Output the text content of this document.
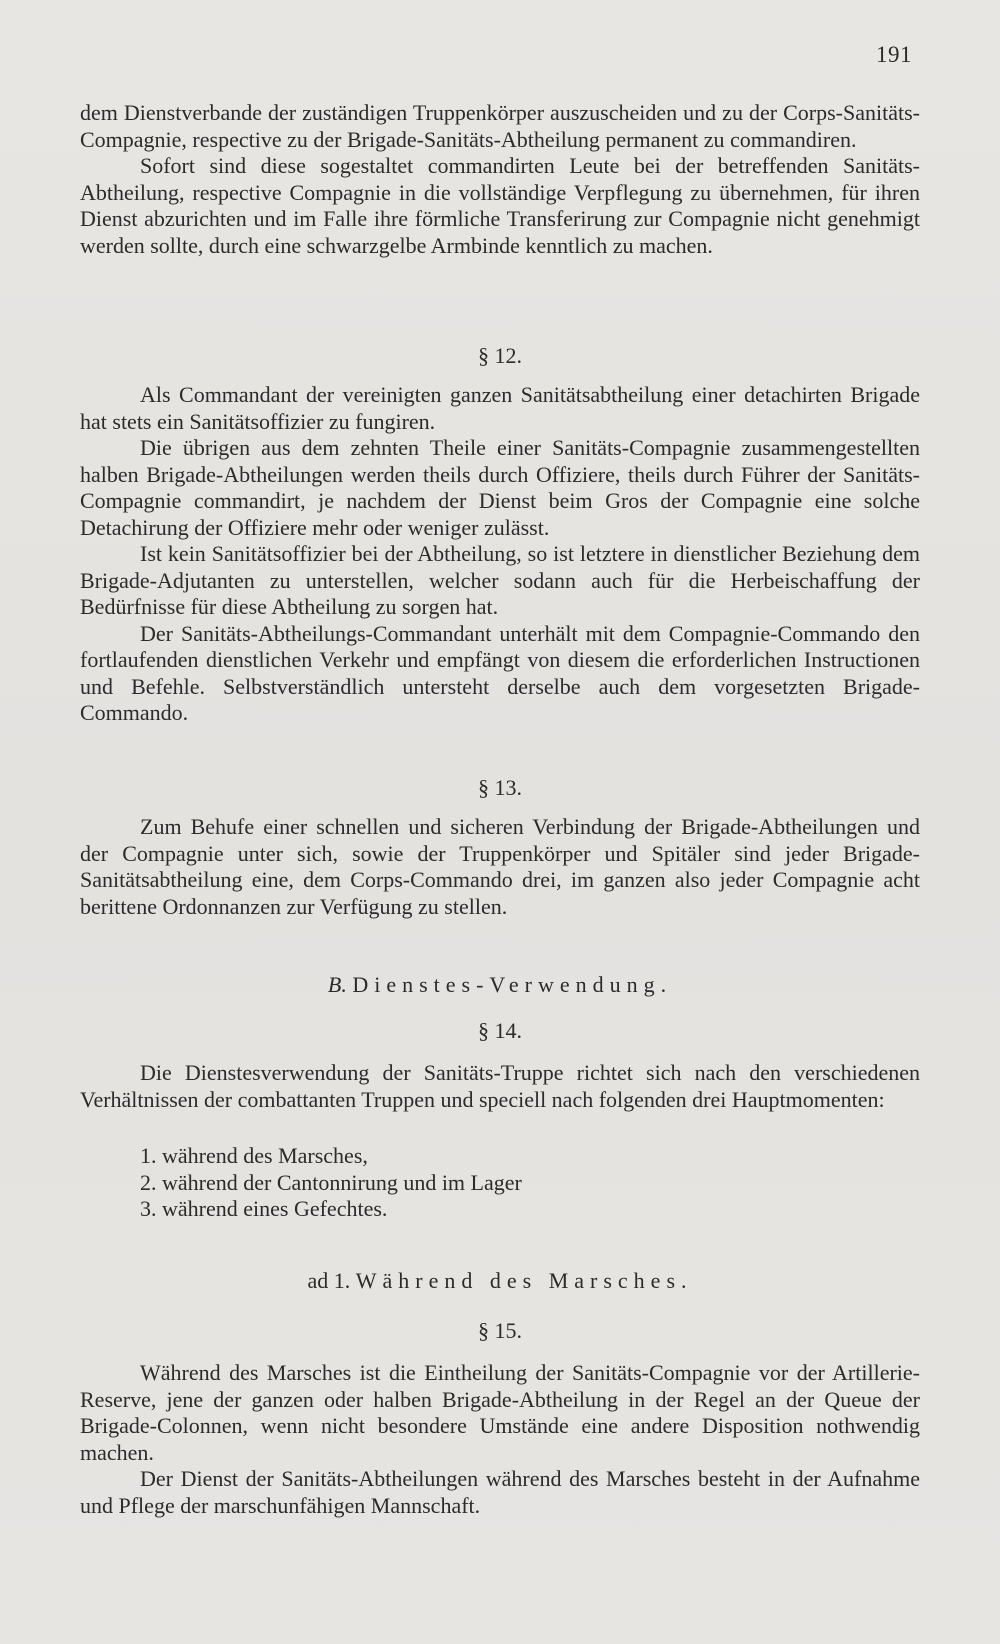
191

dem Dienstverbande der zuständigen Truppenkörper auszuscheiden und zu der Corps-Sanitäts-Compagnie, respective zu der Brigade-Sanitäts-Abtheilung permanent zu commandiren.

Sofort sind diese sogestaltet commandirten Leute bei der betreffenden Sanitäts-Abtheilung, respective Compagnie in die vollständige Verpflegung zu übernehmen, für ihren Dienst abzurichten und im Falle ihre förmliche Transferirung zur Compagnie nicht genehmigt werden sollte, durch eine schwarzgelbe Armbinde kenntlich zu machen.

§ 12.

Als Commandant der vereinigten ganzen Sanitätsabtheilung einer detachirten Brigade hat stets ein Sanitätsoffizier zu fungiren.

Die übrigen aus dem zehnten Theile einer Sanitäts-Compagnie zusammengestellten halben Brigade-Abtheilungen werden theils durch Offiziere, theils durch Führer der Sanitäts-Compagnie commandirt, je nachdem der Dienst beim Gros der Compagnie eine solche Detachirung der Offiziere mehr oder weniger zulässt.

Ist kein Sanitätsoffizier bei der Abtheilung, so ist letztere in dienstlicher Beziehung dem Brigade-Adjutanten zu unterstellen, welcher sodann auch für die Herbeischaffung der Bedürfnisse für diese Abtheilung zu sorgen hat.

Der Sanitäts-Abtheilungs-Commandant unterhält mit dem Compagnie-Commando den fortlaufenden dienstlichen Verkehr und empfängt von diesem die erforderlichen Instructionen und Befehle. Selbstverständlich untersteht derselbe auch dem vorgesetzten Brigade-Commando.

§ 13.

Zum Behufe einer schnellen und sicheren Verbindung der Brigade-Abtheilungen und der Compagnie unter sich, sowie der Truppenkörper und Spitäler sind jeder Brigade-Sanitätsabtheilung eine, dem Corps-Commando drei, im ganzen also jeder Compagnie acht berittene Ordonnanzen zur Verfügung zu stellen.

B. Dienstes-Verwendung.
§ 14.

Die Dienstesverwendung der Sanitäts-Truppe richtet sich nach den verschiedenen Verhältnissen der combattanten Truppen und speciell nach folgenden drei Hauptmomenten:

1. während des Marsches,
2. während der Cantonnirung und im Lager
3. während eines Gefechtes.
ad 1. Während des Marsches.
§ 15.

Während des Marsches ist die Eintheilung der Sanitäts-Compagnie vor der Artillerie-Reserve, jene der ganzen oder halben Brigade-Abtheilung in der Regel an der Queue der Brigade-Colonnen, wenn nicht besondere Umstände eine andere Disposition nothwendig machen.

Der Dienst der Sanitäts-Abtheilungen während des Marsches besteht in der Aufnahme und Pflege der marschunfähigen Mannschaft.
